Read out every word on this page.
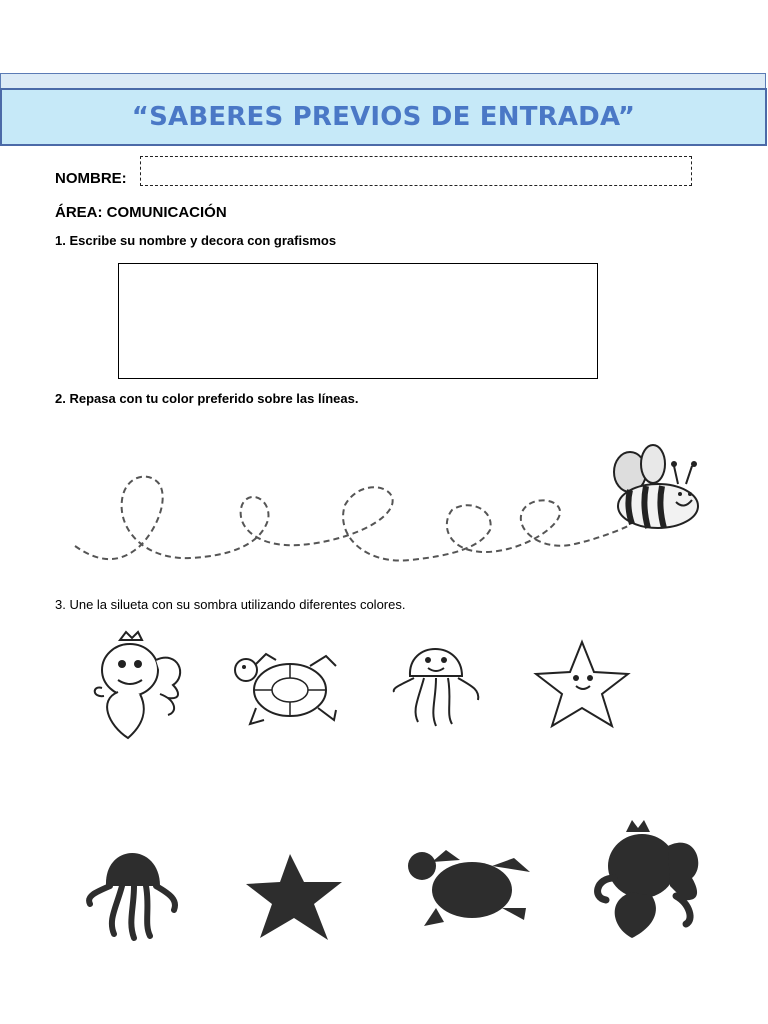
“SABERES PREVIOS DE ENTRADA”
NOMBRE:
ÁREA: COMUNICACIÓN
1. Escribe su nombre y decora con grafismos
2. Repasa con tu color preferido sobre las líneas.
3. Une la silueta con su sombra utilizando diferentes colores.
